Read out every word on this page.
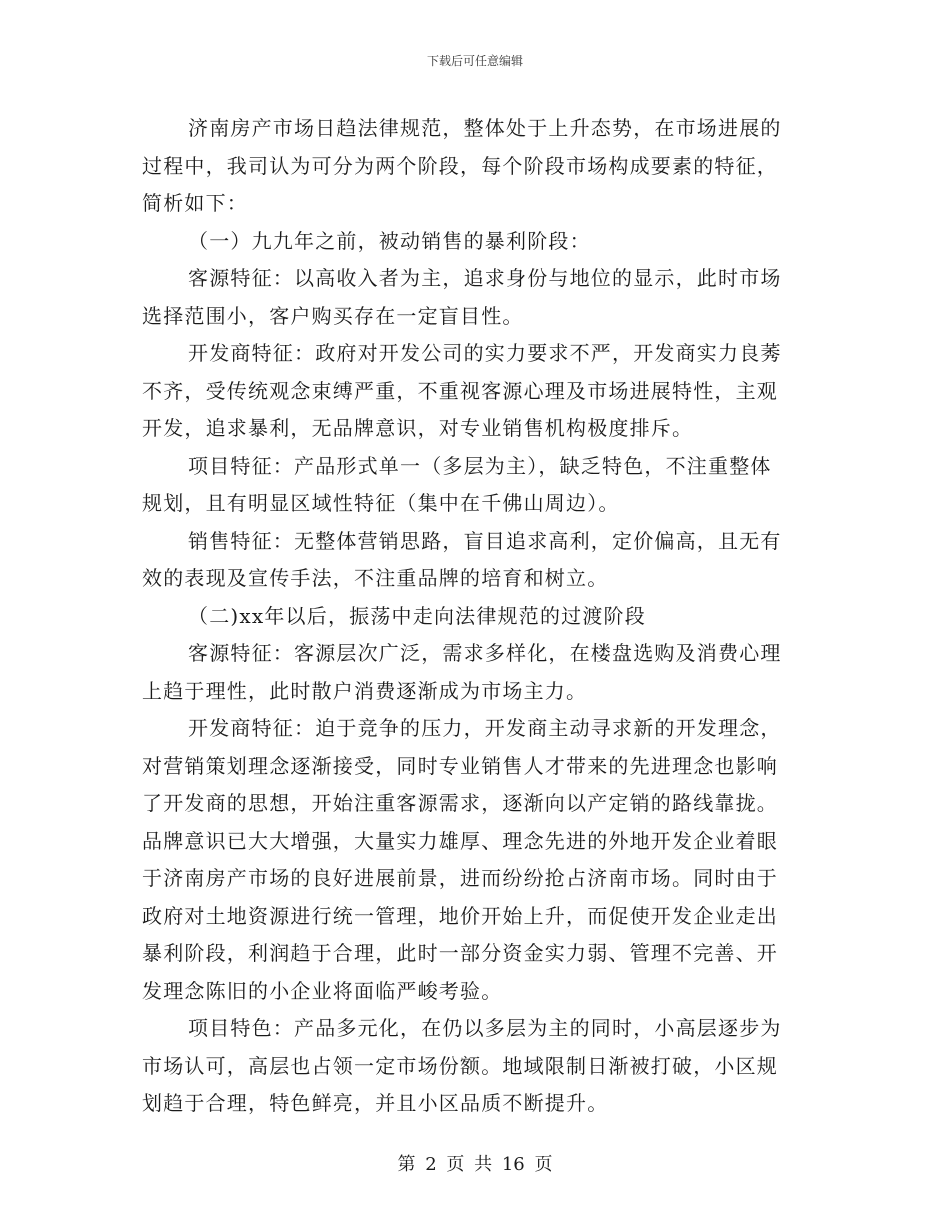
下载后可任意编辑
济南房产市场日趋法律规范，整体处于上升态势，在市场进展的
过程中，我司认为可分为两个阶段，每个阶段市场构成要素的特征，
简析如下：
（一）九九年之前，被动销售的暴利阶段：
客源特征：以高收入者为主，追求身份与地位的显示，此时市场
选择范围小，客户购买存在一定盲目性。
开发商特征：政府对开发公司的实力要求不严，开发商实力良莠
不齐，受传统观念束缚严重，不重视客源心理及市场进展特性，主观
开发，追求暴利，无品牌意识，对专业销售机构极度排斥。
项目特征：产品形式单一（多层为主），缺乏特色，不注重整体
规划，且有明显区域性特征（集中在千佛山周边）。
销售特征：无整体营销思路，盲目追求高利，定价偏高，且无有
效的表现及宣传手法，不注重品牌的培育和树立。
（二)xx年以后，振荡中走向法律规范的过渡阶段
客源特征：客源层次广泛，需求多样化，在楼盘选购及消费心理
上趋于理性，此时散户消费逐渐成为市场主力。
开发商特征：迫于竞争的压力，开发商主动寻求新的开发理念，
对营销策划理念逐渐接受，同时专业销售人才带来的先进理念也影响
了开发商的思想，开始注重客源需求，逐渐向以产定销的路线靠拢。
品牌意识已大大增强，大量实力雄厚、理念先进的外地开发企业着眼
于济南房产市场的良好进展前景，进而纷纷抢占济南市场。同时由于
政府对土地资源进行统一管理，地价开始上升，而促使开发企业走出
暴利阶段，利润趋于合理，此时一部分资金实力弱、管理不完善、开
发理念陈旧的小企业将面临严峻考验。
项目特色：产品多元化，在仍以多层为主的同时，小高层逐步为
市场认可，高层也占领一定市场份额。地域限制日渐被打破，小区规
划趋于合理，特色鲜亮，并且小区品质不断提升。
第 2 页 共 16 页
